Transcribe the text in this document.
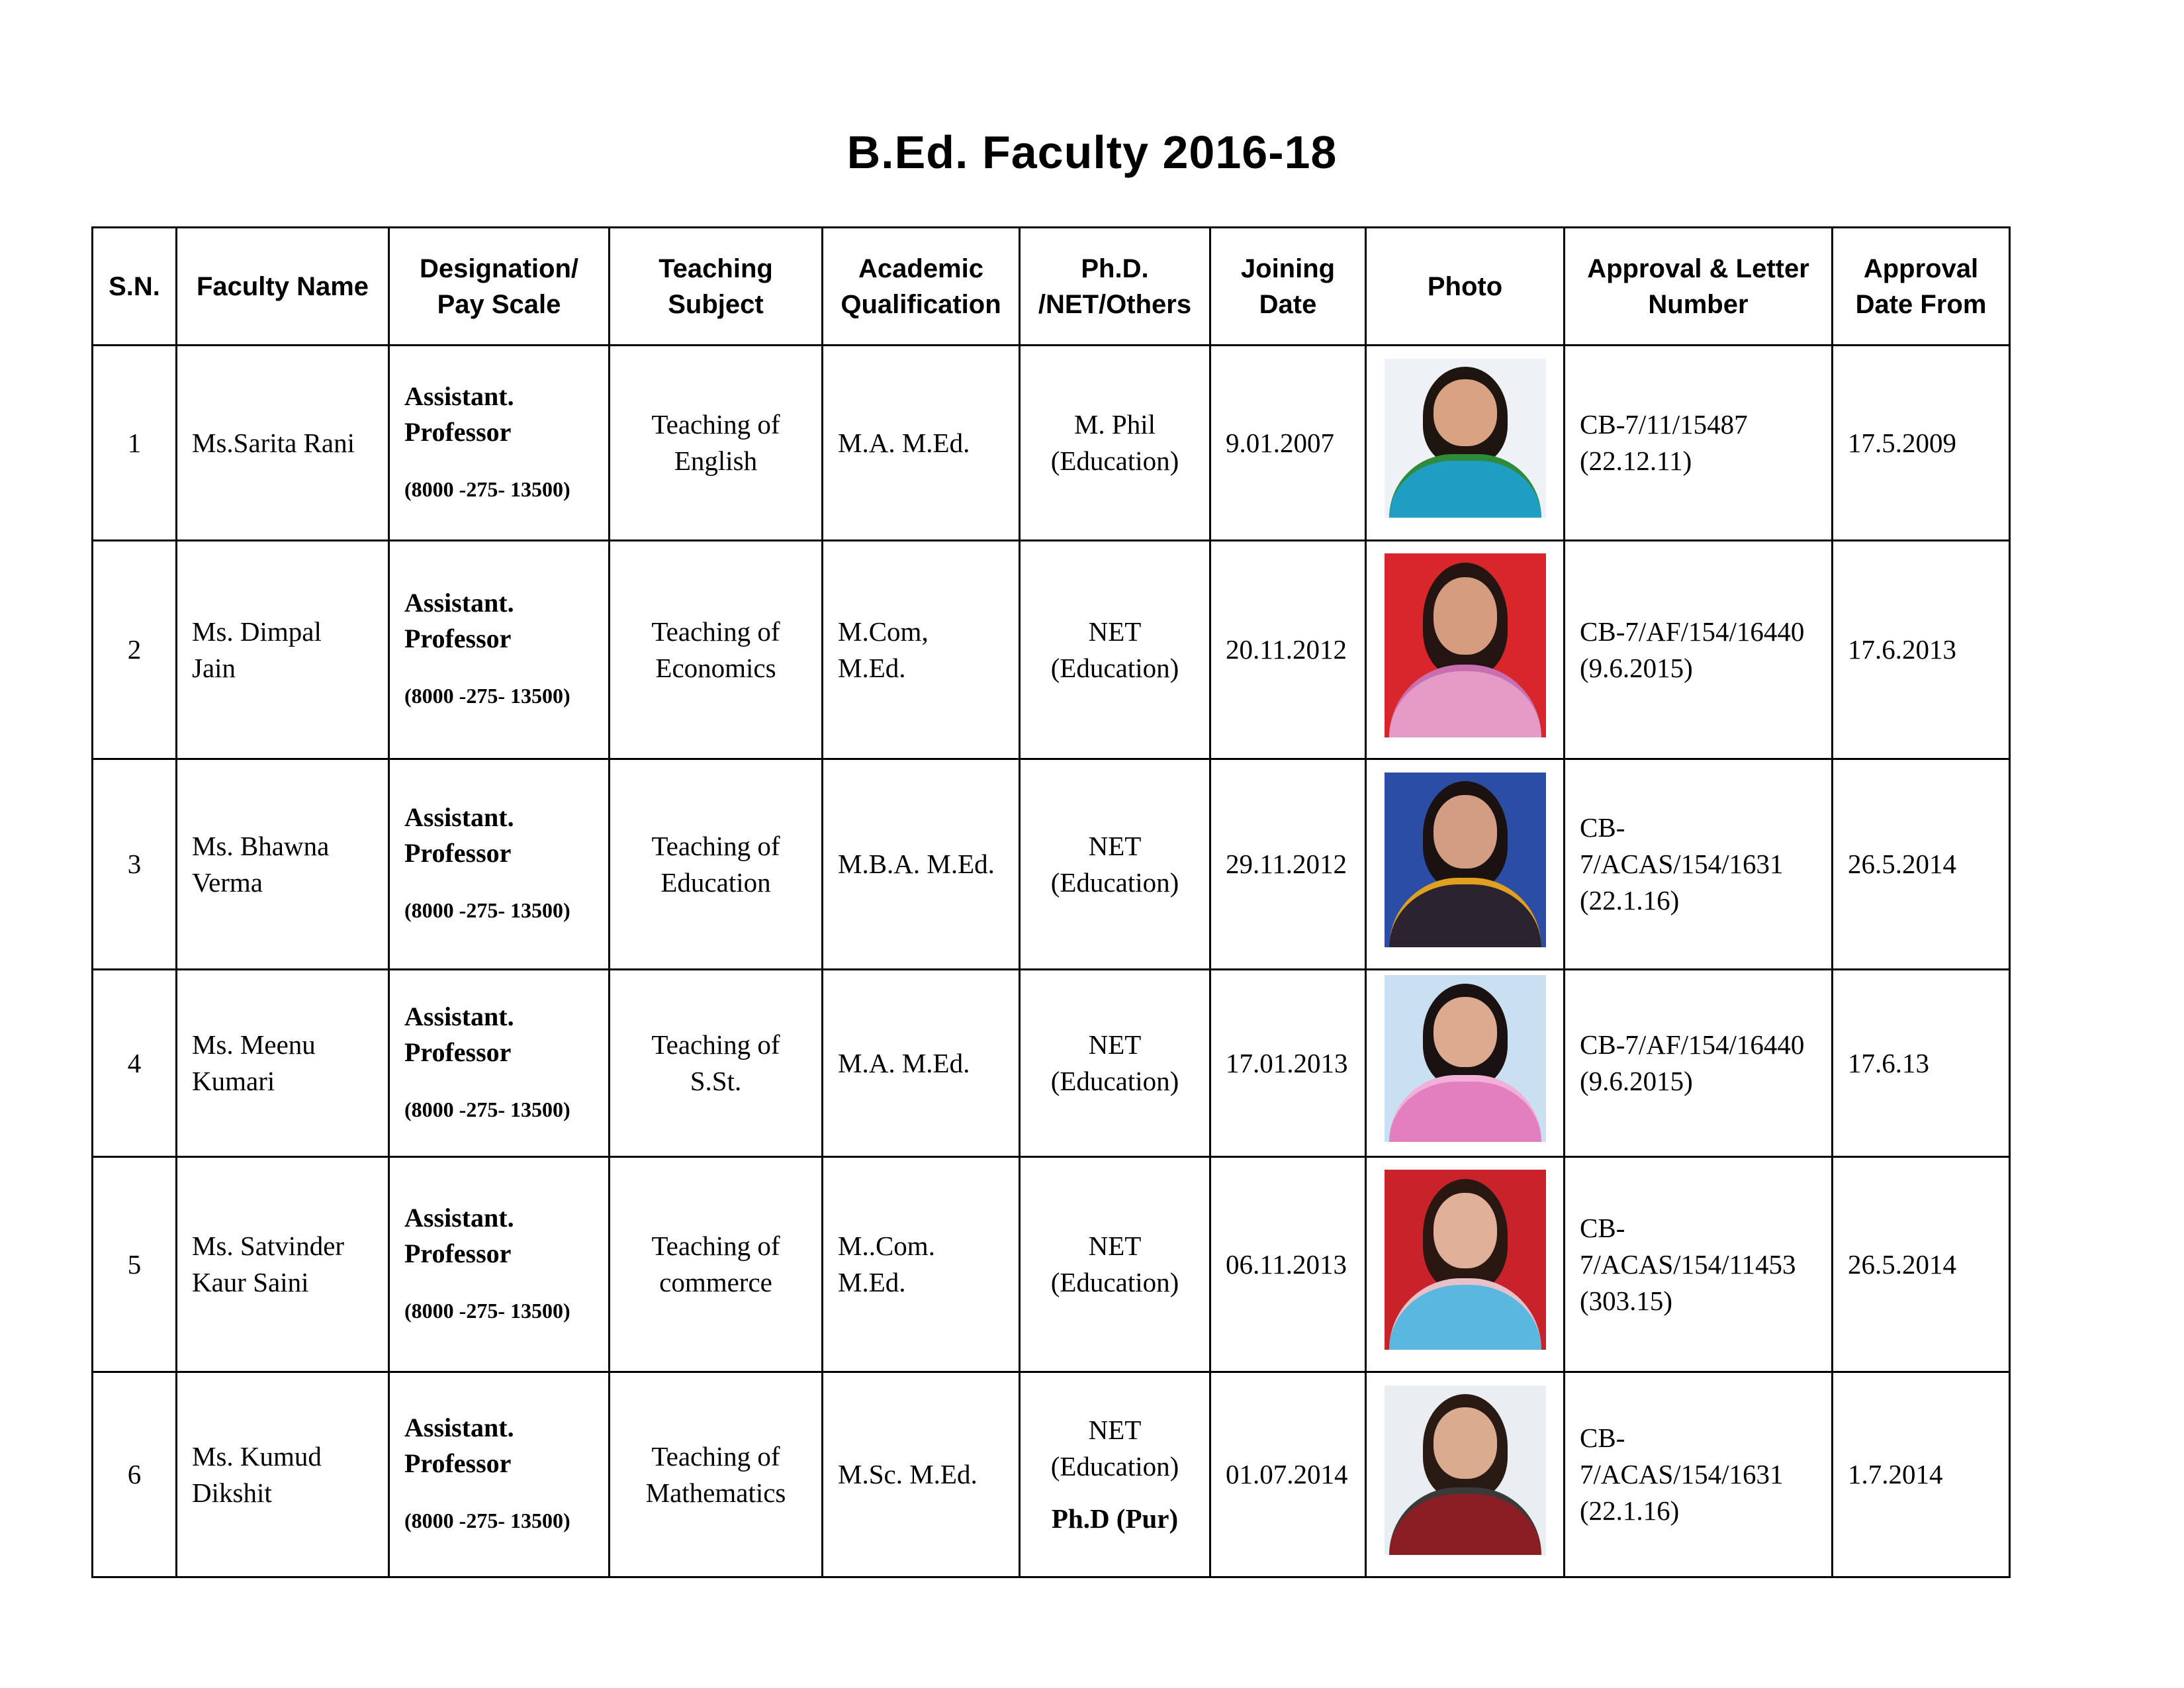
B.Ed. Faculty 2016-18
S.N.	Faculty Name	Designation/
Pay Scale	Teaching
Subject	Academic
Qualification	Ph.D.
/NET/Others	Joining
Date	Photo	Approval & Letter
Number	Approval
Date From
1	Ms.Sarita Rani	Assistant.
Professor
(8000 -275- 13500)	Teaching of
English	M.A. M.Ed.	M. Phil
(Education)	9.01.2007		CB-7/11/15487
(22.12.11)	17.5.2009
2	Ms. Dimpal
Jain	Assistant.
Professor
(8000 -275- 13500)	Teaching of
Economics	M.Com,
M.Ed.	NET
(Education)	20.11.2012		CB-7/AF/154/16440
(9.6.2015)	17.6.2013
3	Ms. Bhawna
Verma	Assistant.
Professor
(8000 -275- 13500)	Teaching of
Education	M.B.A. M.Ed.	NET
(Education)	29.11.2012		CB-
7/ACAS/154/1631
(22.1.16)	26.5.2014
4	Ms. Meenu
Kumari	Assistant.
Professor
(8000 -275- 13500)	Teaching of
S.St.	M.A. M.Ed.	NET
(Education)	17.01.2013		CB-7/AF/154/16440
(9.6.2015)	17.6.13
5	Ms. Satvinder
Kaur Saini	Assistant.
Professor
(8000 -275- 13500)	Teaching of
commerce	M..Com.
M.Ed.	NET
(Education)	06.11.2013		CB-
7/ACAS/154/11453
(303.15)	26.5.2014
6	Ms. Kumud
Dikshit	Assistant.
Professor
(8000 -275- 13500)	Teaching of
Mathematics	M.Sc. M.Ed.	NET
(Education)
Ph.D (Pur)	01.07.2014		CB-
7/ACAS/154/1631
(22.1.16)	1.7.2014
